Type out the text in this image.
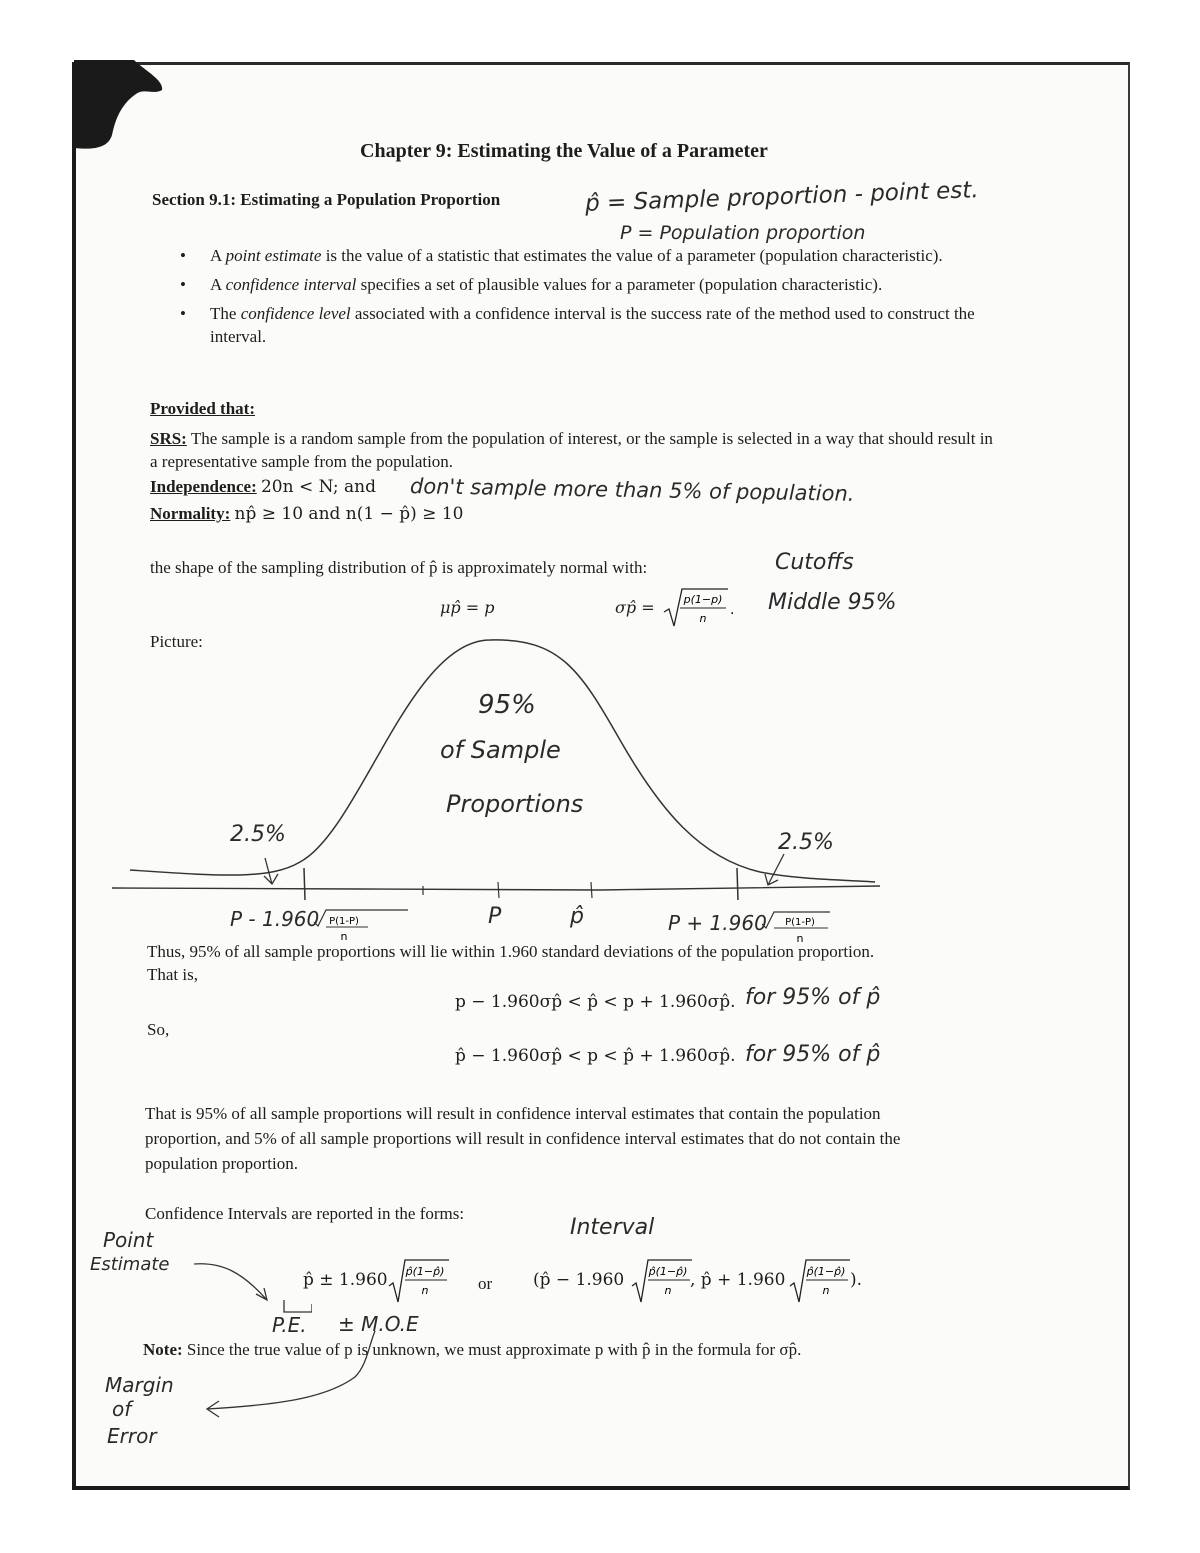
Chapter 9: Estimating the Value of a Parameter
Section 9.1: Estimating a Population Proportion	p̂ = Sample proportion - point est.
P = Population proportion
• A point estimate is the value of a statistic that estimates the value of a parameter (population characteristic).
• A confidence interval specifies a set of plausible values for a parameter (population characteristic).
• The confidence level associated with a confidence interval is the success rate of the method used to construct the interval.
Provided that:
SRS: The sample is a random sample from the population of interest, or the sample is selected in a way that should result in a representative sample from the population.
Independence: 20n < N; and don't sample more than 5% of population.
Normality: np̂ ≥ 10 and n(1 − p̂) ≥ 10
the shape of the sampling distribution of p̂ is approximately normal with:	Cutoffs
Middle 95%
μp̂ = p	σp̂ =	p(1−p)
n
.
Picture:
95%
of Sample
Proportions
2.5%	2.5%
P - 1.960 P(1-P)
n
P	p̂	P + 1.960 P(1-P)
n
Thus, 95% of all sample proportions will lie within 1.960 standard deviations of the population proportion.
That is,
p − 1.960σp̂ < p̂ < p + 1.960σp̂. for 95% of p̂
So,
p̂ − 1.960σp̂ < p < p̂ + 1.960σp̂. for 95% of p̂
That is 95% of all sample proportions will result in confidence interval estimates that contain the population
proportion, and 5% of all sample proportions will result in confidence interval estimates that do not contain the
population proportion.
Confidence Intervals are reported in the forms:
Interval
Point
Estimate
p̂ ± 1.960 p̂(1−p̂)
n	or (p̂ − 1.960 p̂(1−p̂)
n
, p̂ + 1.960 p̂(1−p̂)
n
).
P.E. ± M.O.E
Note: Since the true value of p is unknown, we must approximate p with p̂ in the formula for σp̂.
Margin
of
Error
